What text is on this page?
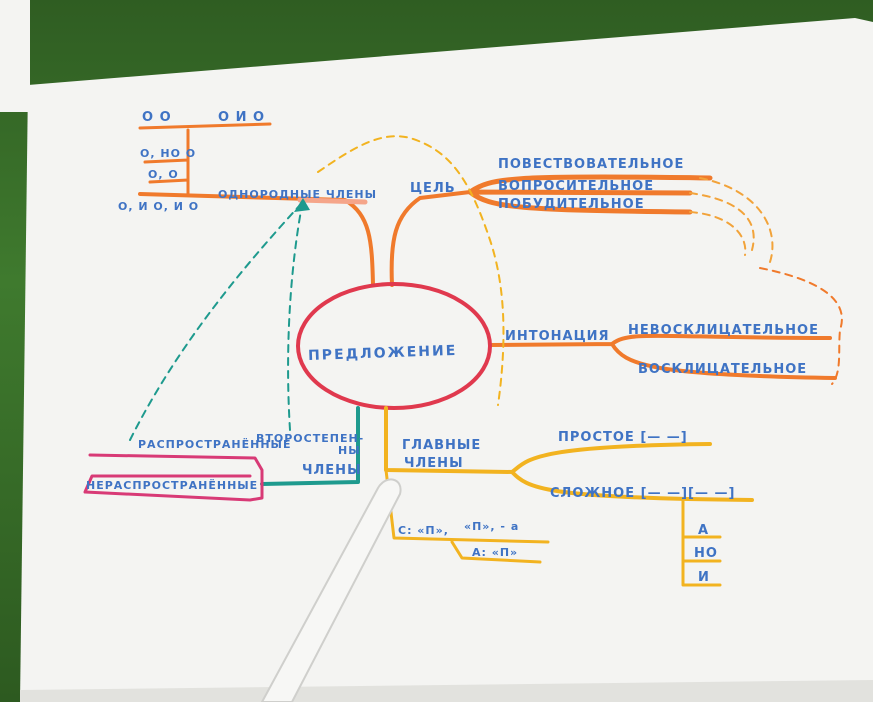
ПРЕДЛОЖЕНИЕ
ЦЕЛЬ
ПОВЕСТВОВАТЕЛЬНОЕ
ВОПРОСИТЕЛЬНОЕ
ПОБУДИТЕЛЬНОЕ
ИНТОНАЦИЯ НЕВОСКЛИЦАТЕЛЬНОЕ
ВОСКЛИЦАТЕЛЬНОЕ
ОДНОРОДНЫЕ ЧЛЕНЫ
О О	О И О
О, НО О
О, О
О, И О, И О
ГЛАВНЫЕ
ЧЛЕНЫ
ПРОСТОЕ [— —]
СЛОЖНОЕ [— —][— —]
А
НО
И
С: «П», «П», - а
А: «П»
ВТОРОСТЕПЕН-
НЫ
ЧЛЕНЫ
РАСПРОСТРАНЁННЫЕ
НЕРАСПРОСТРАНЁННЫЕ
